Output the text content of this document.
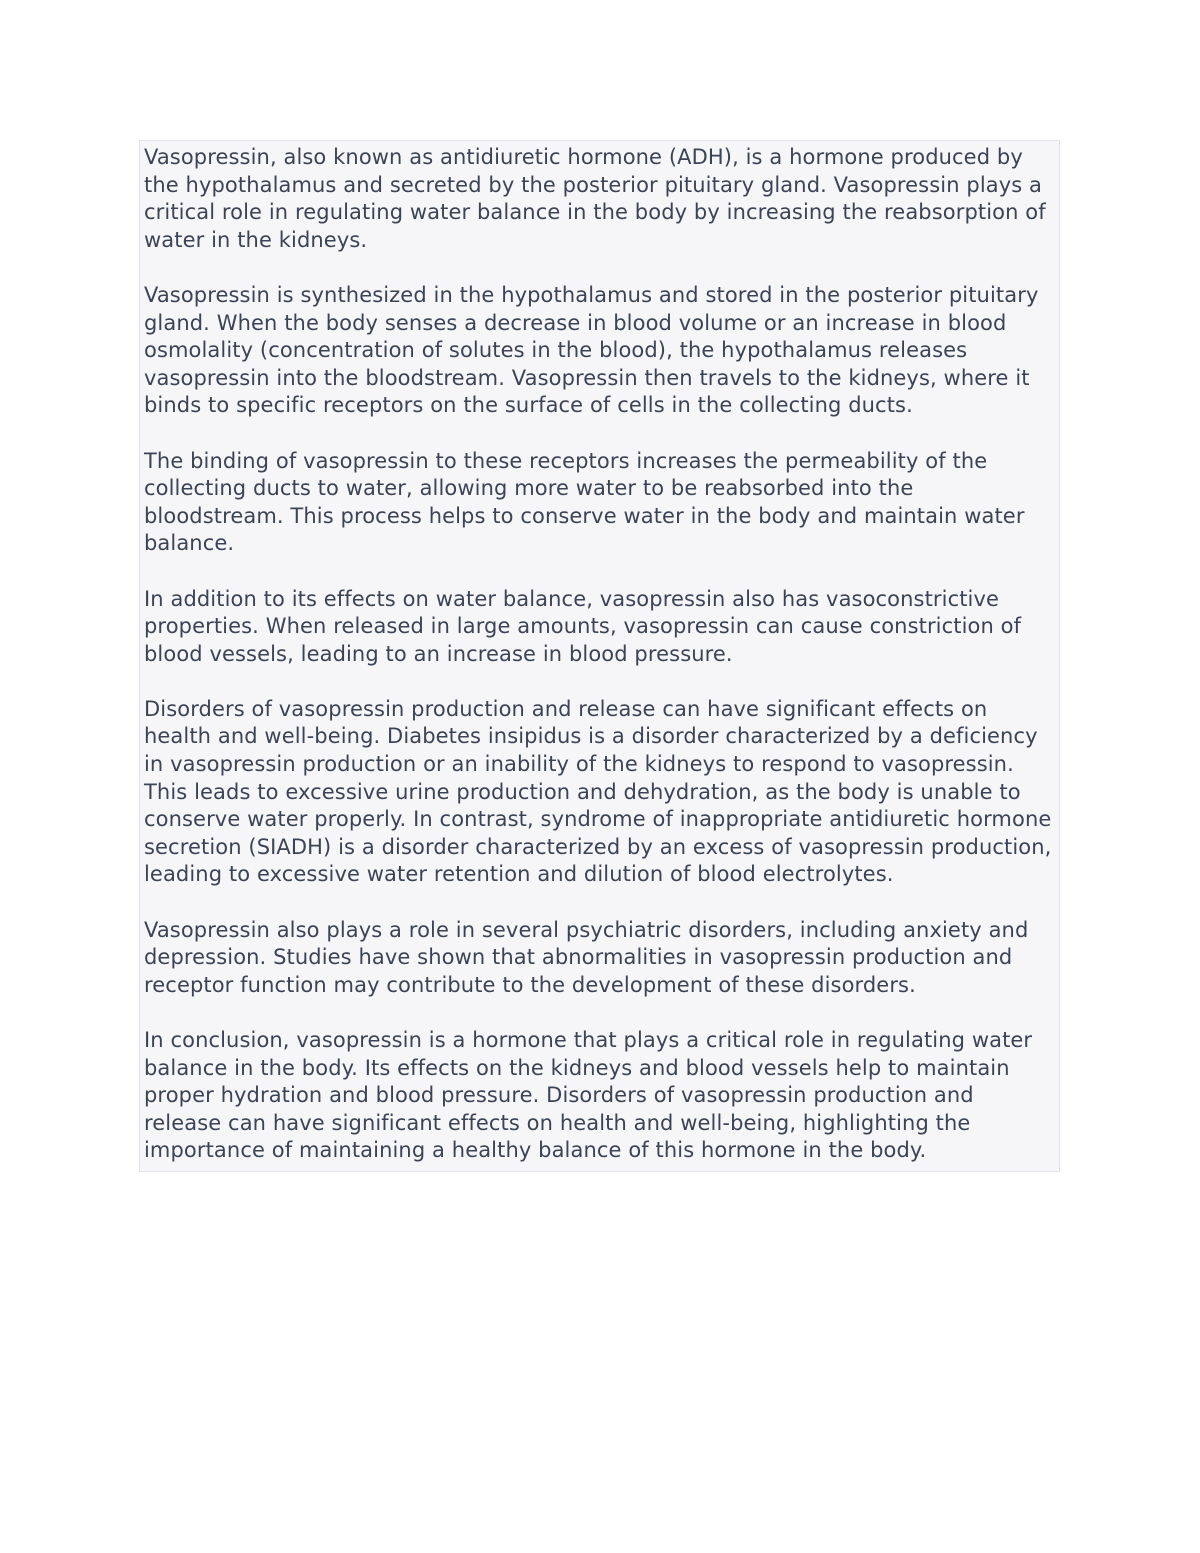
Vasopressin, also known as antidiuretic hormone (ADH), is a hormone produced by the hypothalamus and secreted by the posterior pituitary gland. Vasopressin plays a critical role in regulating water balance in the body by increasing the reabsorption of water in the kidneys.

Vasopressin is synthesized in the hypothalamus and stored in the posterior pituitary gland. When the body senses a decrease in blood volume or an increase in blood osmolality (concentration of solutes in the blood), the hypothalamus releases vasopressin into the bloodstream. Vasopressin then travels to the kidneys, where it binds to specific receptors on the surface of cells in the collecting ducts.

The binding of vasopressin to these receptors increases the permeability of the collecting ducts to water, allowing more water to be reabsorbed into the bloodstream. This process helps to conserve water in the body and maintain water balance.

In addition to its effects on water balance, vasopressin also has vasoconstrictive properties. When released in large amounts, vasopressin can cause constriction of blood vessels, leading to an increase in blood pressure.

Disorders of vasopressin production and release can have significant effects on health and well-being. Diabetes insipidus is a disorder characterized by a deficiency in vasopressin production or an inability of the kidneys to respond to vasopressin. This leads to excessive urine production and dehydration, as the body is unable to conserve water properly. In contrast, syndrome of inappropriate antidiuretic hormone secretion (SIADH) is a disorder characterized by an excess of vasopressin production, leading to excessive water retention and dilution of blood electrolytes.

Vasopressin also plays a role in several psychiatric disorders, including anxiety and depression. Studies have shown that abnormalities in vasopressin production and receptor function may contribute to the development of these disorders.

In conclusion, vasopressin is a hormone that plays a critical role in regulating water balance in the body. Its effects on the kidneys and blood vessels help to maintain proper hydration and blood pressure. Disorders of vasopressin production and release can have significant effects on health and well-being, highlighting the importance of maintaining a healthy balance of this hormone in the body.
